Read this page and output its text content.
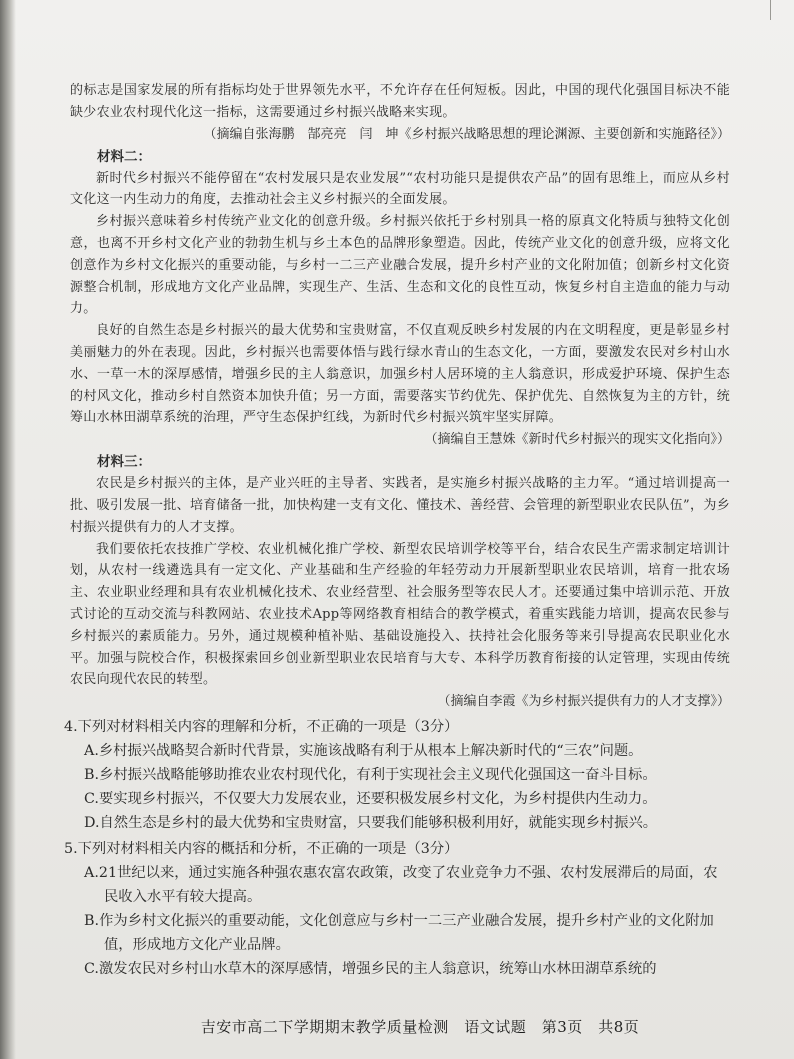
的标志是国家发展的所有指标均处于世界领先水平，不允许存在任何短板。因此，中国的现代化强国目标决不能缺少农业农村现代化这一指标，这需要通过乡村振兴战略来实现。

（摘编自张海鹏　郜亮亮　闫　坤《乡村振兴战略思想的理论渊源、主要创新和实施路径》）

材料二：

新时代乡村振兴不能停留在“农村发展只是农业发展”“农村功能只是提供农产品”的固有思维上，而应从乡村文化这一内生动力的角度，去推动社会主义乡村振兴的全面发展。

乡村振兴意味着乡村传统产业文化的创意升级。乡村振兴依托于乡村别具一格的原真文化特质与独特文化创意，也离不开乡村文化产业的勃勃生机与乡土本色的品牌形象塑造。因此，传统产业文化的创意升级，应将文化创意作为乡村文化振兴的重要动能，与乡村一二三产业融合发展，提升乡村产业的文化附加值；创新乡村文化资源整合机制，形成地方文化产业品牌，实现生产、生活、生态和文化的良性互动，恢复乡村自主造血的能力与动力。

良好的自然生态是乡村振兴的最大优势和宝贵财富，不仅直观反映乡村发展的内在文明程度，更是彰显乡村美丽魅力的外在表现。因此，乡村振兴也需要体悟与践行绿水青山的生态文化，一方面，要激发农民对乡村山水水、一草一木的深厚感情，增强乡民的主人翁意识，加强乡村人居环境的主人翁意识，形成爱护环境、保护生态的村风文化，推动乡村自然资本加快升值；另一方面，需要落实节约优先、保护优先、自然恢复为主的方针，统筹山水林田湖草系统的治理，严守生态保护红线，为新时代乡村振兴筑牢坚实屏障。

（摘编自王慧姝《新时代乡村振兴的现实文化指向》）

材料三：

农民是乡村振兴的主体，是产业兴旺的主导者、实践者，是实施乡村振兴战略的主力军。“通过培训提高一批、吸引发展一批、培育储备一批，加快构建一支有文化、懂技术、善经营、会管理的新型职业农民队伍”，为乡村振兴提供有力的人才支撑。

我们要依托农技推广学校、农业机械化推广学校、新型农民培训学校等平台，结合农民生产需求制定培训计划，从农村一线遴选具有一定文化、产业基础和生产经验的年轻劳动力开展新型职业农民培训，培育一批农场主、农业职业经理和具有农业机械化技术、农业经营型、社会服务型等农民人才。还要通过集中培训示范、开放式讨论的互动交流与科教网站、农业技术App等网络教育相结合的教学模式，着重实践能力培训，提高农民参与乡村振兴的素质能力。另外，通过规模种植补贴、基础设施投入、扶持社会化服务等来引导提高农民职业化水平。加强与院校合作，积极探索回乡创业新型职业农民培育与大专、本科学历教育衔接的认定管理，实现由传统农民向现代农民的转型。

（摘编自李霞《为乡村振兴提供有力的人才支撑》）

4.下列对材料相关内容的理解和分析，不正确的一项是（3分）

A.乡村振兴战略契合新时代背景，实施该战略有利于从根本上解决新时代的“三农”问题。

B.乡村振兴战略能够助推农业农村现代化，有利于实现社会主义现代化强国这一奋斗目标。

C.要实现乡村振兴，不仅要大力发展农业，还要积极发展乡村文化，为乡村提供内生动力。

D.自然生态是乡村的最大优势和宝贵财富，只要我们能够积极利用好，就能实现乡村振兴。

5.下列对材料相关内容的概括和分析，不正确的一项是（3分）

A.21世纪以来，通过实施各种强农惠农富农政策，改变了农业竞争力不强、农村发展滞后的局面，农民收入水平有较大提高。

B.作为乡村文化振兴的重要动能，文化创意应与乡村一二三产业融合发展，提升乡村产业的文化附加值，形成地方文化产业品牌。

C.激发农民对乡村山水草木的深厚感情，增强乡民的主人翁意识，统筹山水林田湖草系统的

吉安市高二下学期期末教学质量检测　语文试题　第3页　共8页
